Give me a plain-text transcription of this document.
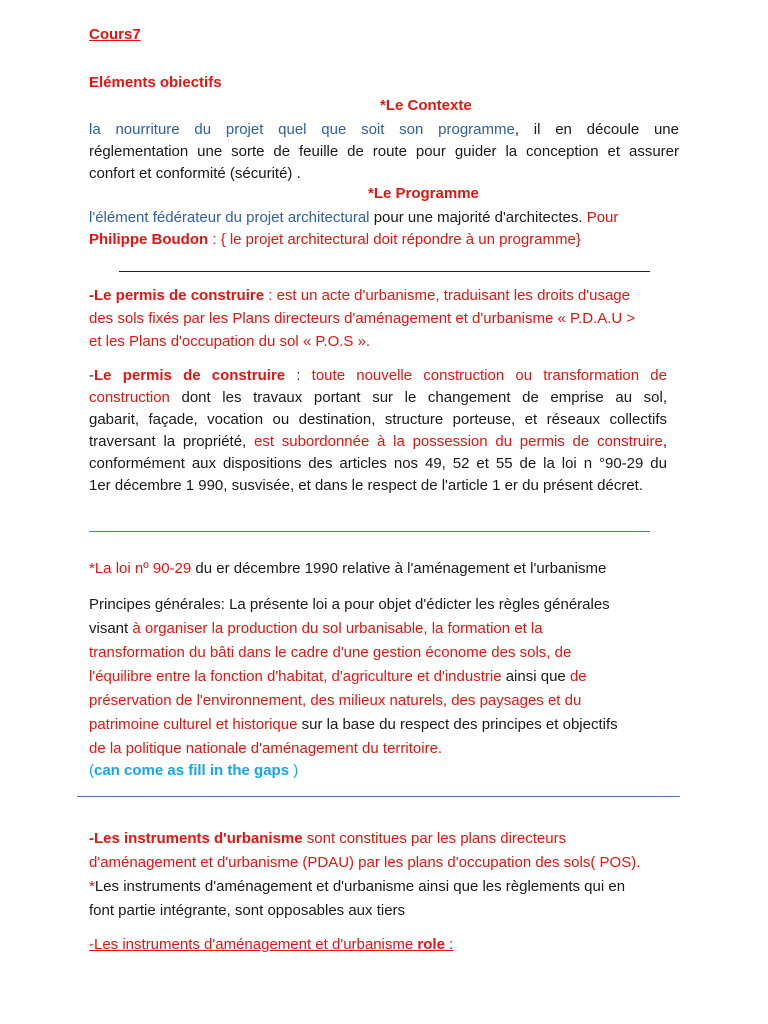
Cours7
Eléments obiectifs
*Le Contexte
la nourriture du projet quel que soit son programme, il en découle une
réglementation une sorte de feuille de route pour guider la conception et assurer
confort et conformité (sécurité) .
*Le Programme
l'élément fédérateur du projet architectural pour une majorité d'architectes. Pour
Philippe Boudon : { le projet architectural doit répondre à un programme}
-Le permis de construire : est un acte d'urbanisme, traduisant les droits d'usage
des sols fixés par les Plans directeurs d'aménagement et d'urbanisme « P.D.A.U >
et les Plans d'occupation du sol « P.O.S ».
-Le permis de construire : toute nouvelle construction ou transformation de
construction dont les travaux portant sur le changement de emprise au sol,
gabarit, façade, vocation ou destination, structure porteuse, et réseaux collectifs
traversant la propriété, est subordonnée à la possession du permis de construire,
conformément aux dispositions des articles nos 49, 52 et 55 de la loi n °90-29 du
1er décembre 1 990, susvisée, et dans le respect de l'article 1 er du présent décret.
*La loi nº 90-29 du er décembre 1990 relative à l'aménagement et l'urbanisme
Principes générales: La présente loi a pour objet d'édicter les règles générales
visant à organiser la production du sol urbanisable, la formation et la
transformation du bâti dans le cadre d'une gestion économe des sols, de
l'équilibre entre la fonction d'habitat, d'agriculture et d'industrie ainsi que de
préservation de l'environnement, des milieux naturels, des paysages et du
patrimoine culturel et historique sur la base du respect des principes et objectifs
de la politique nationale d'aménagement du territoire.
(can come as fill in the gaps )
-Les instruments d'urbanisme sont constitues par les plans directeurs
d'aménagement et d'urbanisme (PDAU) par les plans d'occupation des sols( POS).
*Les instruments d'aménagement et d'urbanisme ainsi que les règlements qui en
font partie intégrante, sont opposables aux tiers
-Les instruments d'aménagement et d'urbanisme role :
